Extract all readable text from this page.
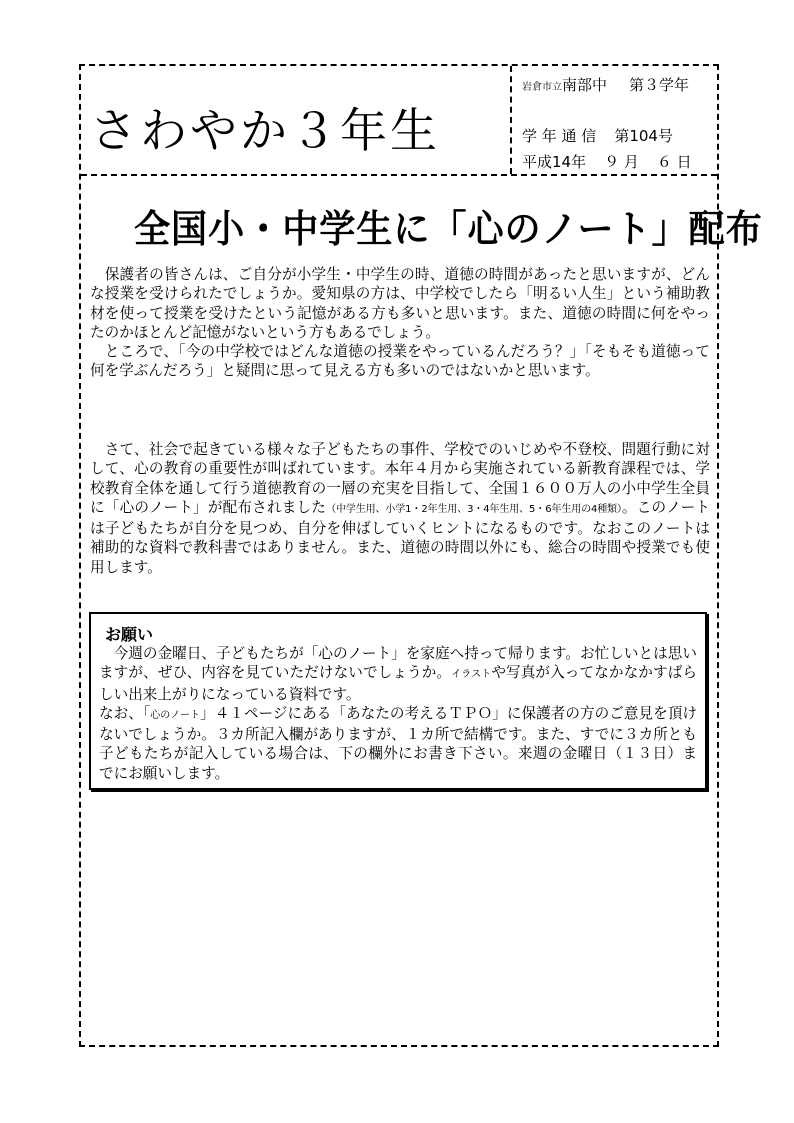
さわやか３年生
岩倉市立南部中 第３学年
学 年 通 信 第104号
平成14年 ９ 月 ６ 日
全国小・中学生に「心のノート」配布
　保護者の皆さんは、ご自分が小学生・中学生の時、道徳の時間があったと思いますが、どんな授業を受けられたでしょうか。愛知県の方は、中学校でしたら「明るい人生」という補助教材を使って授業を受けたという記憶がある方も多いと思います。また、道徳の時間に何をやったのかほとんど記憶がないという方もあるでしょう。
　ところで、「今の中学校ではどんな道徳の授業をやっているんだろう？」「そもそも道徳って何を学ぶんだろう」と疑問に思って見える方も多いのではないかと思います。
　さて、社会で起きている様々な子どもたちの事件、学校でのいじめや不登校、問題行動に対して、心の教育の重要性が叫ばれています。本年４月から実施されている新教育課程では、学校教育全体を通して行う道徳教育の一層の充実を目指して、全国１６００万人の小中学生全員に「心のノート」が配布されました（中学生用、小学1・2年生用、3・4年生用、5・6年生用の4種類）。このノートは子どもたちが自分を見つめ、自分を伸ばしていくヒントになるものです。なおこのノートは補助的な資料で教科書ではありません。また、道徳の時間以外にも、総合の時間や授業でも使用します。
お願い
　今週の金曜日、子どもたちが「心のノート」を家庭へ持って帰ります。お忙しいとは思いますが、ぜひ、内容を見ていただけないでしょうか。イラストや写真が入ってなかなかすばらしい出来上がりになっている資料です。
なお、「心のノート」４１ページにある「あなたの考えるＴＰＯ」に保護者の方のご意見を頂けないでしょうか。３カ所記入欄がありますが、１カ所で結構です。また、すでに３カ所とも子どもたちが記入している場合は、下の欄外にお書き下さい。来週の金曜日（１３日）までにお願いします。
